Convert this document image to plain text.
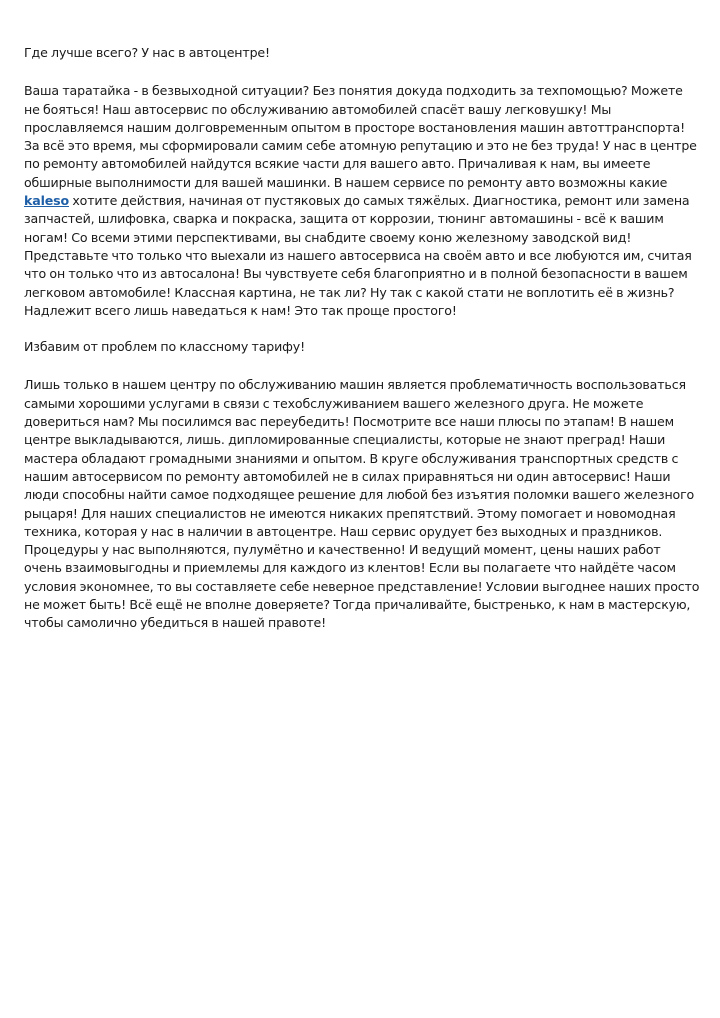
Где лучше всего? У нас в автоцентре!

Ваша таратайка - в безвыходной ситуации? Без понятия докуда подходить за техпомощью? Можете не бояться! Наш автосервис по обслуживанию автомобилей спасёт вашу легковушку! Мы прославляемся нашим долговременным опытом в просторе востановления машин автоттранспорта! За всё это время, мы сформировали самим себе атомную репутацию и это не без труда! У нас в центре по ремонту автомобилей найдутся всякие части для вашего авто. Причаливая к нам, вы имеете обширные выполнимости для вашей машинки. В нашем сервисе по ремонту авто возможны какие kaleso хотите действия, начиная от пустяковых до самых тяжёлых. Диагностика, ремонт или замена запчастей, шлифовка, сварка и покраска, защита от коррозии, тюнинг автомашины - всё к вашим ногам! Со всеми этими перспективами, вы снабдите своему коню железному заводской вид! Представьте что только что выехали из нашего автосервиса на своём авто и все любуются им, считая что он только что из автосалона! Вы чувствуете себя благоприятно и в полной безопасности в вашем легковом автомобиле! Классная картина, не так ли? Ну так с какой стати не воплотить её в жизнь? Надлежит всего лишь наведаться к нам! Это так проще простого!

Избавим от проблем по классному тарифу!

Лишь только в нашем центру по обслуживанию машин является проблематичность воспользоваться самыми хорошими услугами в связи с техобслуживанием вашего железного друга. Не можете довериться нам? Мы посилимся вас переубедить! Посмотрите все наши плюсы по этапам! В нашем центре выкладываются, лишь. дипломированные специалисты, которые не знают преград! Наши мастера обладают громадными знаниями и опытом. В круге обслуживания транспортных средств с нашим автосервисом по ремонту автомобилей не в силах приравняться ни один автосервис! Наши люди способны найти самое подходящее решение для любой без изъятия поломки вашего железного рыцаря! Для наших специалистов не имеются никаких препятствий. Этому помогает и новомодная техника, которая у нас в наличии в автоцентре. Наш сервис орудует без выходных и праздников. Процедуры у нас выполняются, пулумётно и качественно! И ведущий момент, цены наших работ очень взаимовыгодны и приемлемы для каждого из клентов! Если вы полагаете что найдёте часом условия экономнее, то вы составляете себе неверное представление! Условии выгоднее наших просто не может быть! Всё ещё не вполне доверяете? Тогда причаливайте, быстренько, к нам в мастерскую, чтобы самолично убедиться в нашей правоте!
